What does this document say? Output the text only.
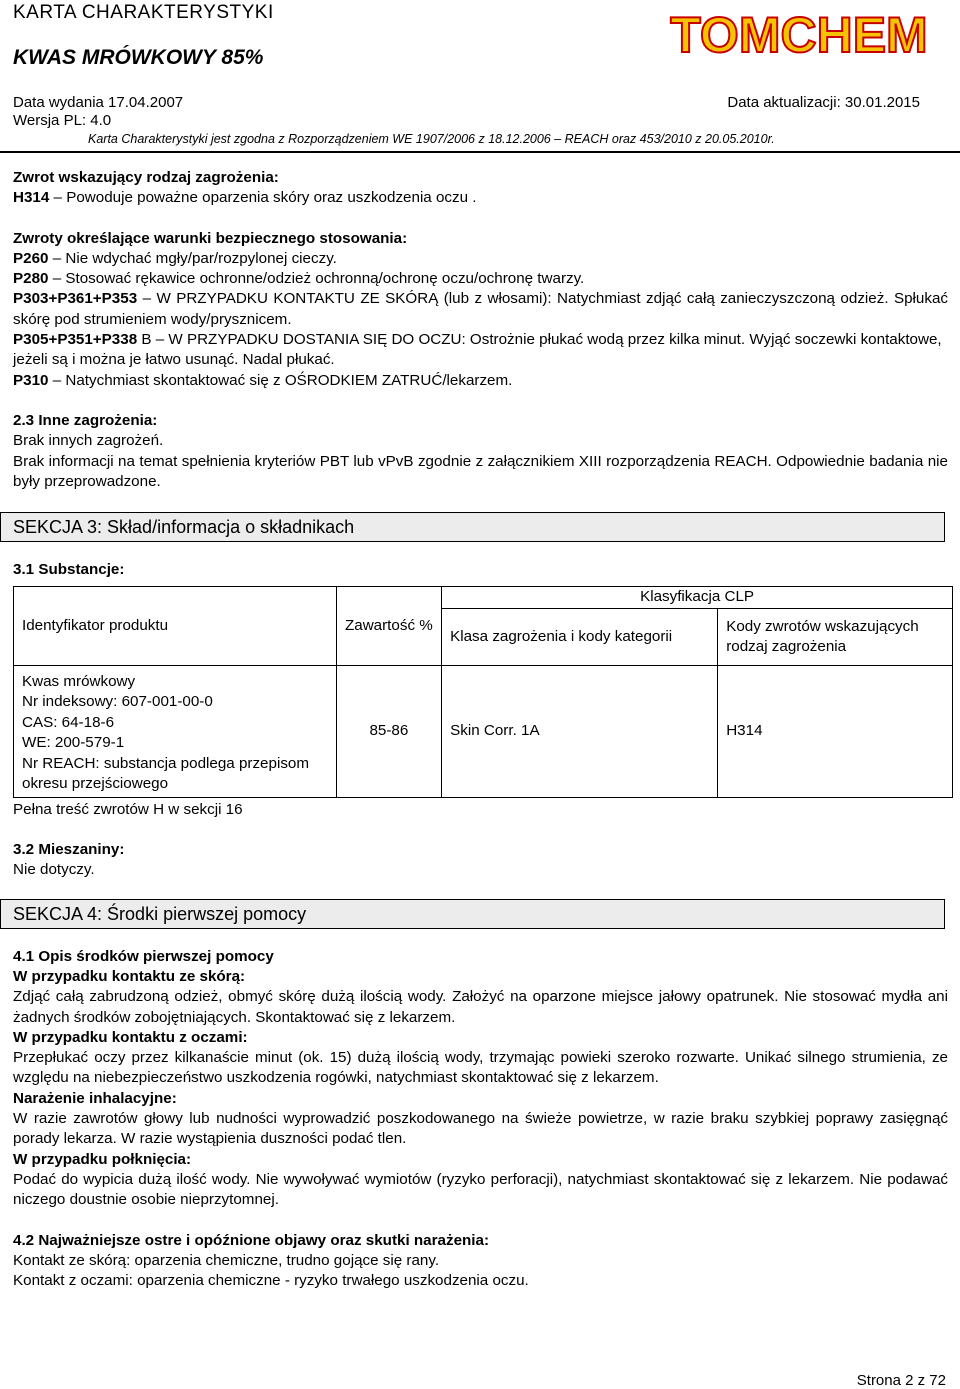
KARTA CHARAKTERYSTYKI
KWAS MRÓWKOWY 85%	TOMCHEM
Data wydania 17.04.2007	Data aktualizacji: 30.01.2015
Wersja PL: 4.0
Karta Charakterystyki jest zgodna z Rozporządzeniem WE 1907/2006 z 18.12.2006 – REACH oraz 453/2010 z 20.05.2010r.

Zwrot wskazujący rodzaj zagrożenia:

H314 – Powoduje poważne oparzenia skóry oraz uszkodzenia oczu .

Zwroty określające warunki bezpiecznego stosowania:

P260 – Nie wdychać mgły/par/rozpylonej cieczy.

P280 – Stosować rękawice ochronne/odzież ochronną/ochronę oczu/ochronę twarzy.

P303+P361+P353 – W PRZYPADKU KONTAKTU ZE SKÓRĄ (lub z włosami): Natychmiast zdjąć całą zanieczyszczoną odzież. Spłukać skórę pod strumieniem wody/prysznicem.

P305+P351+P338 B – W PRZYPADKU DOSTANIA SIĘ DO OCZU: Ostrożnie płukać wodą przez kilka minut. Wyjąć soczewki kontaktowe, jeżeli są i można je łatwo usunąć. Nadal płukać.

P310 – Natychmiast skontaktować się z OŚRODKIEM ZATRUĆ/lekarzem.

2.3 Inne zagrożenia:

Brak innych zagrożeń.

Brak informacji na temat spełnienia kryteriów PBT lub vPvB zgodnie z załącznikiem XIII rozporządzenia REACH. Odpowiednie badania nie były przeprowadzone.

SEKCJA 3: Skład/informacja o składnikach

3.1 Substancje:

Identyfikator produktu	Zawartość %	Klasyfikacja CLP	
		Klasa zagrożenia i kody kategorii	Kody zwrotów wskazujących rodzaj zagrożenia

Kwas mrówkowy
Nr indeksowy: 607-001-00-0
CAS: 64-18-6
WE: 200-579-1
Nr REACH: substancja podlega przepisom okresu przejściowego	85-86	Skin Corr. 1A	H314

Pełna treść zwrotów H w sekcji 16

3.2 Mieszaniny:

Nie dotyczy.

SEKCJA 4: Środki pierwszej pomocy

4.1 Opis środków pierwszej pomocy

W przypadku kontaktu ze skórą:

Zdjąć całą zabrudzoną odzież, obmyć skórę dużą ilością wody. Założyć na oparzone miejsce jałowy opatrunek. Nie stosować mydła ani żadnych środków zobojętniających. Skontaktować się z lekarzem.

W przypadku kontaktu z oczami:

Przepłukać oczy przez kilkanaście minut (ok. 15) dużą ilością wody, trzymając powieki szeroko rozwarte. Unikać silnego strumienia, ze względu na niebezpieczeństwo uszkodzenia rogówki, natychmiast skontaktować się z lekarzem.

Narażenie inhalacyjne:

W razie zawrotów głowy lub nudności wyprowadzić poszkodowanego na świeże powietrze, w razie braku szybkiej poprawy zasięgnąć porady lekarza. W razie wystąpienia duszności podać tlen.

W przypadku połknięcia:

Podać do wypicia dużą ilość wody. Nie wywoływać wymiotów (ryzyko perforacji), natychmiast skontaktować się z lekarzem. Nie podawać niczego doustnie osobie nieprzytomnej.

4.2 Najważniejsze ostre i opóźnione objawy oraz skutki narażenia:

Kontakt ze skórą: oparzenia chemiczne, trudno gojące się rany.

Kontakt z oczami: oparzenia chemiczne - ryzyko trwałego uszkodzenia oczu.

Strona 2 z 72
